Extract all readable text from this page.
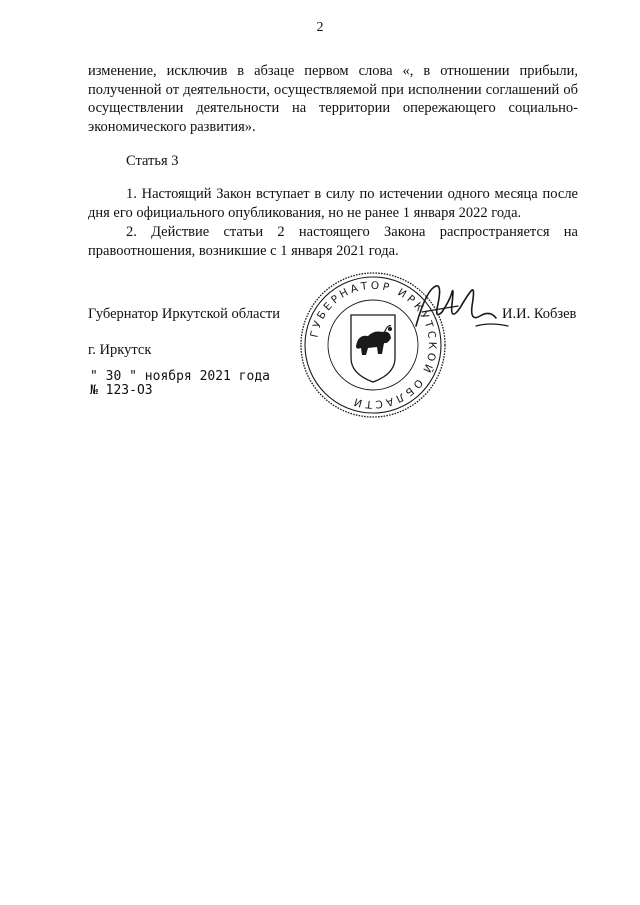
2

изменение, исключив в абзаце первом слова «, в отношении прибыли, полученной от деятельности, осуществляемой при исполнении соглашений об осуществлении деятельности на территории опережающего социально-экономического развития».

Статья 3

1. Настоящий Закон вступает в силу по истечении одного месяца после дня его официального опубликования, но не ранее 1 января 2022 года.

2. Действие статьи 2 настоящего Закона распространяется на правоотношения, возникшие с 1 января 2021 года.

Губернатор Иркутской области	И.И. Кобзев
г. Иркутск
" 30 " ноября 2021 года
№ 123-ОЗ
ГУБЕРНАТОР ИРКУТСКОЙ ОБЛАСТИ
